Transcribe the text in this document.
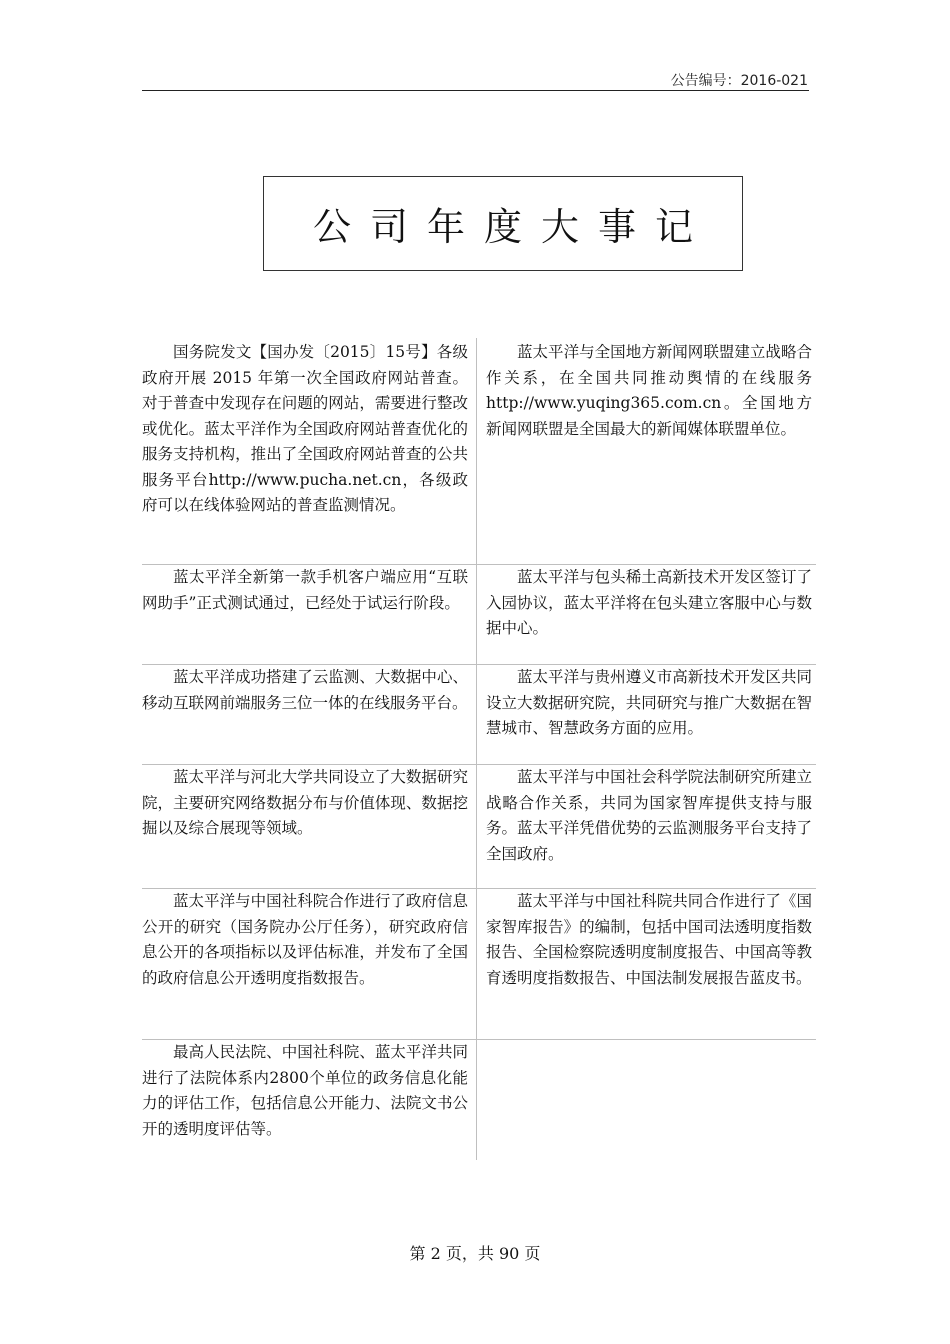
公告编号：2016-021
公司年度大事记
国务院发文【国办发〔2015〕15号】各级政府开展 2015 年第一次全国政府网站普查。对于普查中发现存在问题的网站，需要进行整改或优化。蓝太平洋作为全国政府网站普查优化的服务支持机构，推出了全国政府网站普查的公共服务平台http://www.pucha.net.cn，各级政府可以在线体验网站的普查监测情况。
蓝太平洋与全国地方新闻网联盟建立战略合作关系，在全国共同推动舆情的在线服务 http://www.yuqing365.com.cn。全国地方新闻网联盟是全国最大的新闻媒体联盟单位。
蓝太平洋全新第一款手机客户端应用“互联网助手”正式测试通过，已经处于试运行阶段。
蓝太平洋与包头稀土高新技术开发区签订了入园协议，蓝太平洋将在包头建立客服中心与数据中心。
蓝太平洋成功搭建了云监测、大数据中心、移动互联网前端服务三位一体的在线服务平台。
蓝太平洋与贵州遵义市高新技术开发区共同设立大数据研究院，共同研究与推广大数据在智慧城市、智慧政务方面的应用。
蓝太平洋与河北大学共同设立了大数据研究院，主要研究网络数据分布与价值体现、数据挖掘以及综合展现等领域。
蓝太平洋与中国社会科学院法制研究所建立战略合作关系，共同为国家智库提供支持与服务。蓝太平洋凭借优势的云监测服务平台支持了全国政府。
蓝太平洋与中国社科院合作进行了政府信息公开的研究（国务院办公厅任务），研究政府信息公开的各项指标以及评估标准，并发布了全国的政府信息公开透明度指数报告。
蓝太平洋与中国社科院共同合作进行了《国家智库报告》的编制，包括中国司法透明度指数报告、全国检察院透明度制度报告、中国高等教育透明度指数报告、中国法制发展报告蓝皮书。
最高人民法院、中国社科院、蓝太平洋共同进行了法院体系内2800个单位的政务信息化能力的评估工作，包括信息公开能力、法院文书公开的透明度评估等。
第 2 页，共 90 页
